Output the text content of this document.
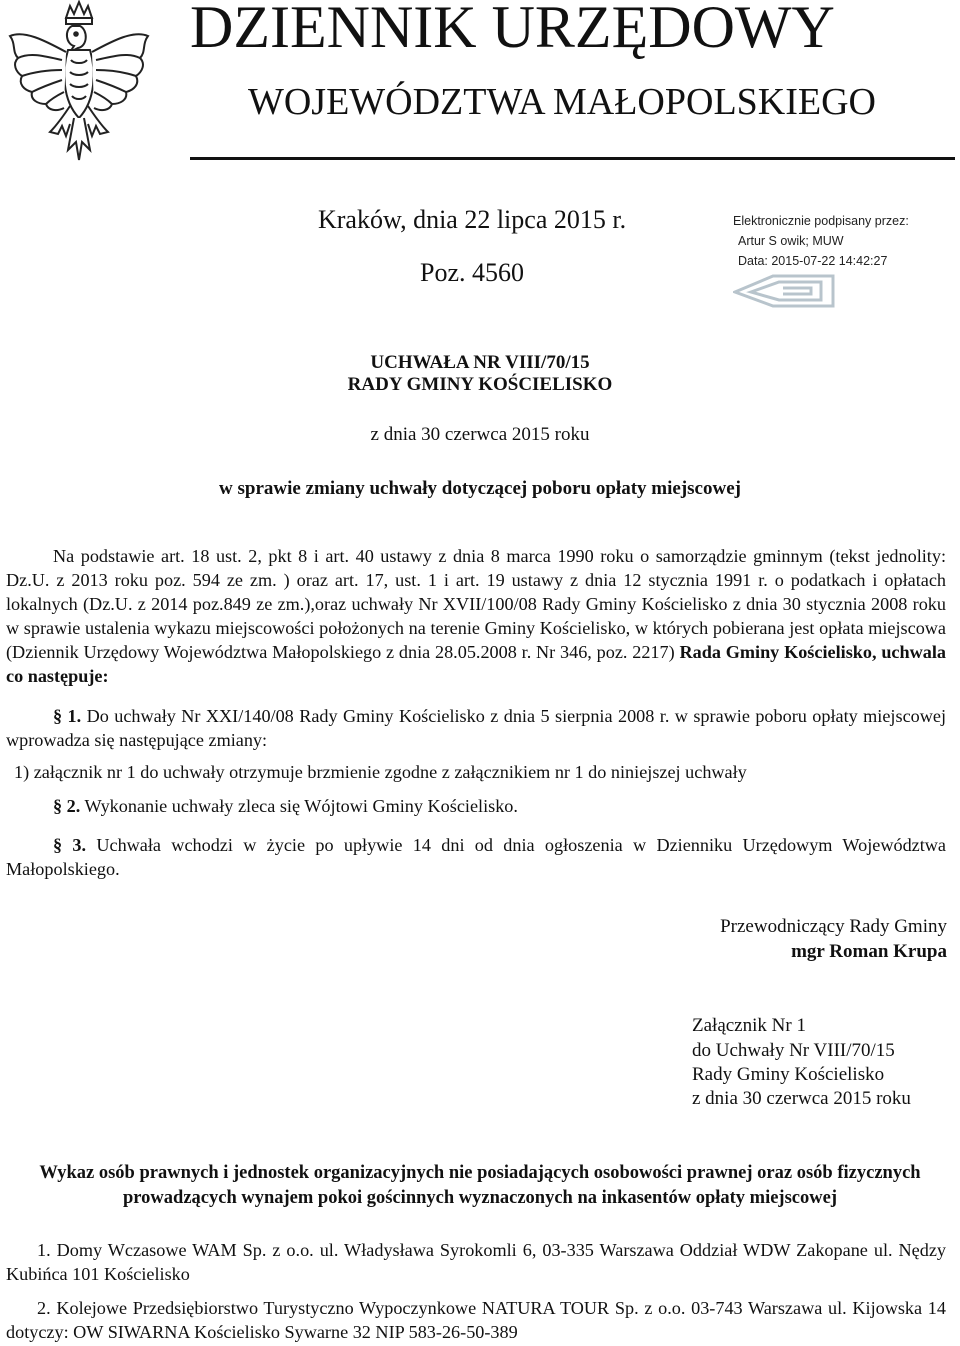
DZIENNIK URZĘDOWY
WOJEWÓDZTWA MAŁOPOLSKIEGO
Kraków, dnia 22 lipca 2015 r.
Poz. 4560
Elektronicznie podpisany przez:
Artur S owik; MUW
Data: 2015-07-22 14:42:27
UCHWAŁA NR VIII/70/15
RADY GMINY KOŚCIELISKO
z dnia 30 czerwca 2015 roku
w sprawie zmiany uchwały dotyczącej poboru opłaty miejscowej
Na podstawie art. 18 ust. 2, pkt 8 i art. 40 ustawy z dnia 8 marca 1990 roku o samorządzie gminnym (tekst jednolity: Dz.U. z 2013 roku poz. 594 ze zm. ) oraz art. 17, ust. 1 i art. 19 ustawy z dnia 12 stycznia 1991 r. o podatkach i opłatach lokalnych (Dz.U. z 2014 poz.849 ze zm.),oraz uchwały Nr XVII/100/08 Rady Gminy Kościelisko z dnia 30 stycznia 2008 roku w sprawie ustalenia wykazu miejscowości położonych na terenie Gminy Kościelisko, w których pobierana jest opłata miejscowa (Dziennik Urzędowy Województwa Małopolskiego z dnia 28.05.2008 r. Nr 346, poz. 2217) Rada Gminy Kościelisko, uchwala co następuje:
§ 1. Do uchwały Nr XXI/140/08 Rady Gminy Kościelisko z dnia 5 sierpnia 2008 r. w sprawie poboru opłaty miejscowej wprowadza się następujące zmiany:
1) załącznik nr 1 do uchwały otrzymuje brzmienie zgodne z załącznikiem nr 1 do niniejszej uchwały
§ 2. Wykonanie uchwały zleca się Wójtowi Gminy Kościelisko.
§ 3. Uchwała wchodzi w życie po upływie 14 dni od dnia ogłoszenia w Dzienniku Urzędowym Województwa Małopolskiego.
Przewodniczący Rady Gminy
mgr Roman Krupa
Załącznik Nr 1
do Uchwały Nr VIII/70/15
Rady Gminy Kościelisko
z dnia 30 czerwca 2015 roku
Wykaz osób prawnych i jednostek organizacyjnych nie posiadających osobowości prawnej oraz osób fizycznych prowadzących wynajem pokoi gościnnych wyznaczonych na inkasentów opłaty miejscowej
1. Domy Wczasowe WAM Sp. z o.o. ul. Władysława Syrokomli 6, 03-335 Warszawa Oddział WDW Zakopane ul. Nędzy Kubińca 101 Kościelisko
2. Kolejowe Przedsiębiorstwo Turystyczno Wypoczynkowe NATURA TOUR Sp. z o.o. 03-743 Warszawa ul. Kijowska 14 dotyczy: OW SIWARNA Kościelisko Sywarne 32 NIP 583-26-50-389
